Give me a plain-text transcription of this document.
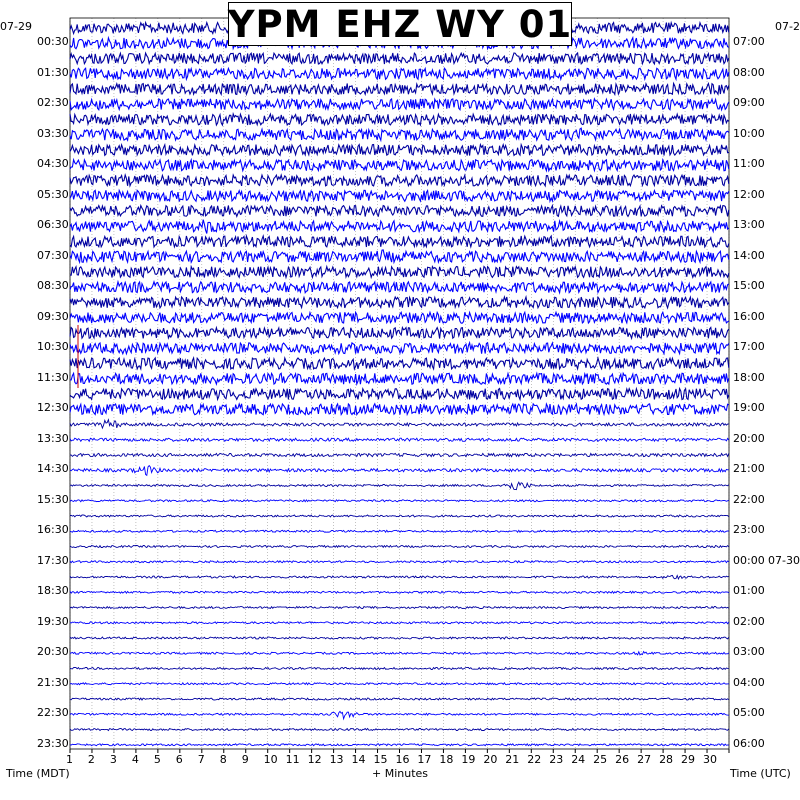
YPM EHZ WY 01
07-29	07-2
Time (MDT)	+ Minutes	Time (UTC)
00:30
01:30
02:30
03:30
04:30
05:30
06:30
07:30
08:30
09:30
10:30
11:30
12:30
13:30
14:30
15:30
16:30
17:30
18:30
19:30
20:30
21:30
22:30
23:30
07:00
08:00
09:00
10:00
11:00
12:00
13:00
14:00
15:00
16:00
17:00
18:00
19:00
20:00
21:00
22:00
23:00
00:00
01:00
02:00
03:00
04:00
05:00
06:00
07-30
1 2 3 4 5 6 7 8 9 10 11 12 13 14 15 16 17 18 19 20 21 22 23 24 25 26 27 28 29 30
